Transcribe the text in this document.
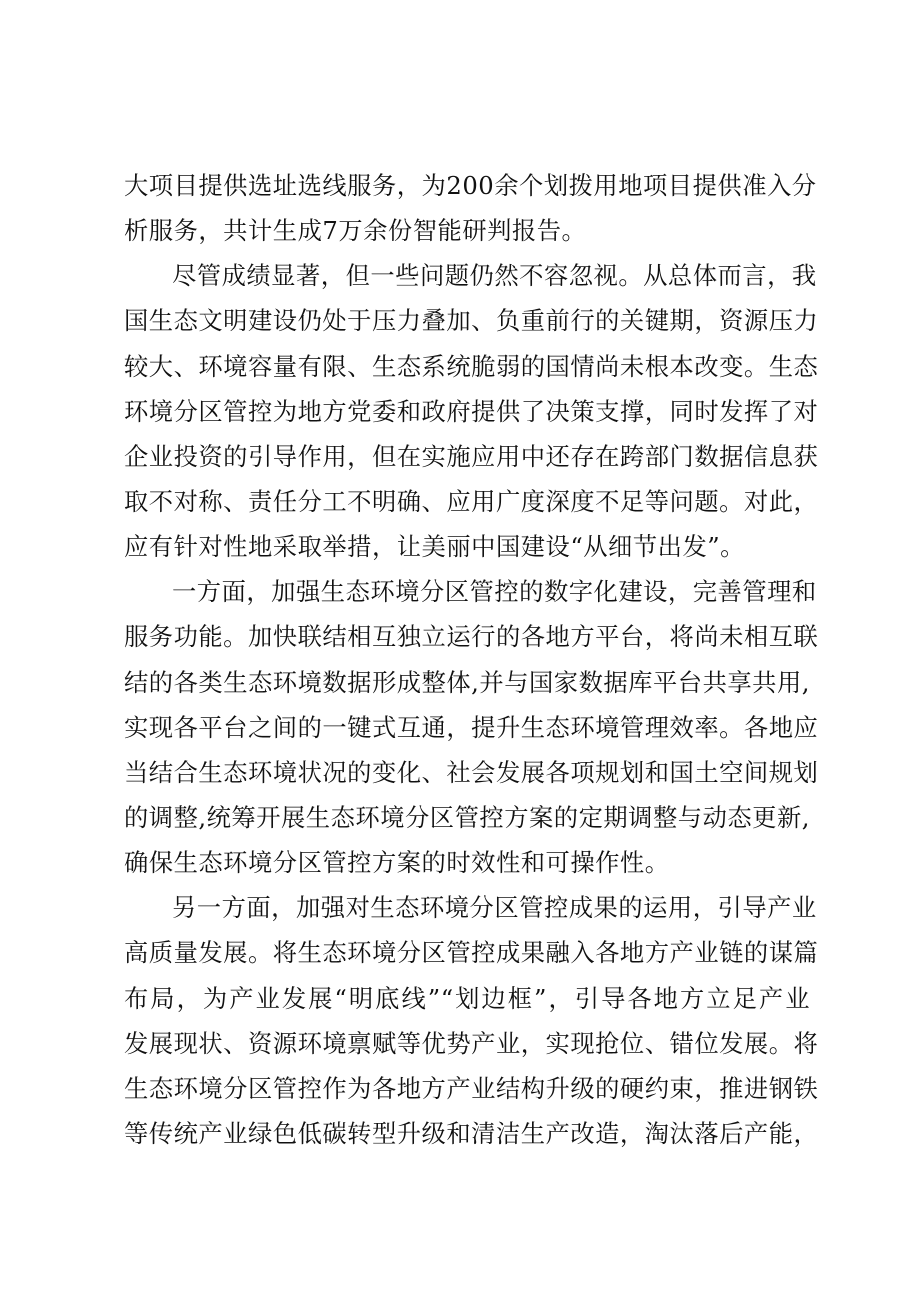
大项目提供选址选线服务，为200余个划拨用地项目提供准入分
析服务，共计生成7万余份智能研判报告。
尽管成绩显著，但一些问题仍然不容忽视。从总体而言，我
国生态文明建设仍处于压力叠加、负重前行的关键期，资源压力
较大、环境容量有限、生态系统脆弱的国情尚未根本改变。生态
环境分区管控为地方党委和政府提供了决策支撑，同时发挥了对
企业投资的引导作用，但在实施应用中还存在跨部门数据信息获
取不对称、责任分工不明确、应用广度深度不足等问题。对此，
应有针对性地采取举措，让美丽中国建设“从细节出发”。
一方面，加强生态环境分区管控的数字化建设，完善管理和
服务功能。加快联结相互独立运行的各地方平台，将尚未相互联
结的各类生态环境数据形成整体,并与国家数据库平台共享共用,
实现各平台之间的一键式互通，提升生态环境管理效率。各地应
当结合生态环境状况的变化、社会发展各项规划和国土空间规划
的调整,统筹开展生态环境分区管控方案的定期调整与动态更新,
确保生态环境分区管控方案的时效性和可操作性。
另一方面，加强对生态环境分区管控成果的运用，引导产业
高质量发展。将生态环境分区管控成果融入各地方产业链的谋篇
布局，为产业发展“明底线”“划边框”，引导各地方立足产业
发展现状、资源环境禀赋等优势产业，实现抢位、错位发展。将
生态环境分区管控作为各地方产业结构升级的硬约束，推进钢铁
等传统产业绿色低碳转型升级和清洁生产改造，淘汰落后产能，
